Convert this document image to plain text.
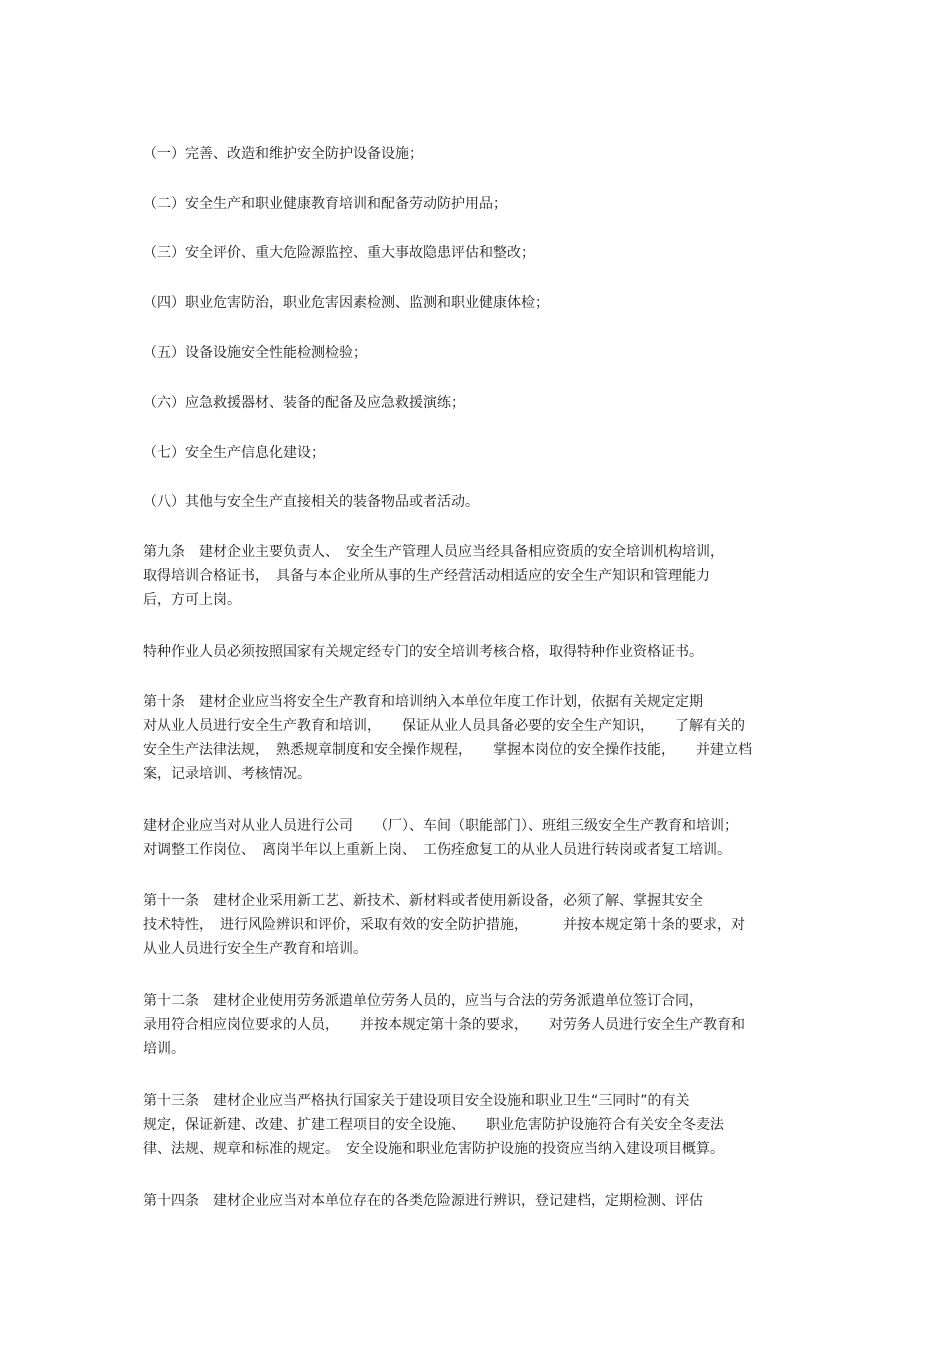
（一）完善、改造和维护安全防护设备设施；
（二）安全生产和职业健康教育培训和配备劳动防护用品；
（三）安全评价、重大危险源监控、重大事故隐患评估和整改；
（四）职业危害防治，职业危害因素检测、监测和职业健康体检；
（五）设备设施安全性能检测检验；
（六）应急救援器材、装备的配备及应急救援演练；
（七）安全生产信息化建设；
（八）其他与安全生产直接相关的装备物品或者活动。
第九条　建材企业主要负责人、　安全生产管理人员应当经具备相应资质的安全培训机构培训，
取得培训合格证书，　具备与本企业所从事的生产经营活动相适应的安全生产知识和管理能力
后，方可上岗。
特种作业人员必须按照国家有关规定经专门的安全培训考核合格，取得特种作业资格证书。
第十条　建材企业应当将安全生产教育和培训纳入本单位年度工作计划，依据有关规定定期
对从业人员进行安全生产教育和培训，　　保证从业人员具备必要的安全生产知识，　　了解有关的
安全生产法律法规，　熟悉规章制度和安全操作规程，　　掌握本岗位的安全操作技能，　　并建立档
案，记录培训、考核情况。
建材企业应当对从业人员进行公司　　（厂）、车间（职能部门）、班组三级安全生产教育和培训；
对调整工作岗位、　离岗半年以上重新上岗、　工伤痊愈复工的从业人员进行转岗或者复工培训。
第十一条　建材企业采用新工艺、新技术、新材料或者使用新设备，必须了解、掌握其安全
技术特性，　进行风险辨识和评价，采取有效的安全防护措施，　　　并按本规定第十条的要求，对
从业人员进行安全生产教育和培训。
第十二条　建材企业使用劳务派遣单位劳务人员的，应当与合法的劳务派遣单位签订合同，
录用符合相应岗位要求的人员，　　并按本规定第十条的要求，　　对劳务人员进行安全生产教育和
培训。
第十三条　建材企业应当严格执行国家关于建设项目安全设施和职业卫生“三同时”的有关
规定，保证新建、改建、扩建工程项目的安全设施、　　职业危害防护设施符合有关安全冬麦法
律、法规、规章和标准的规定。　安全设施和职业危害防护设施的投资应当纳入建设项目概算。
第十四条　建材企业应当对本单位存在的各类危险源进行辨识，登记建档，定期检测、评估
